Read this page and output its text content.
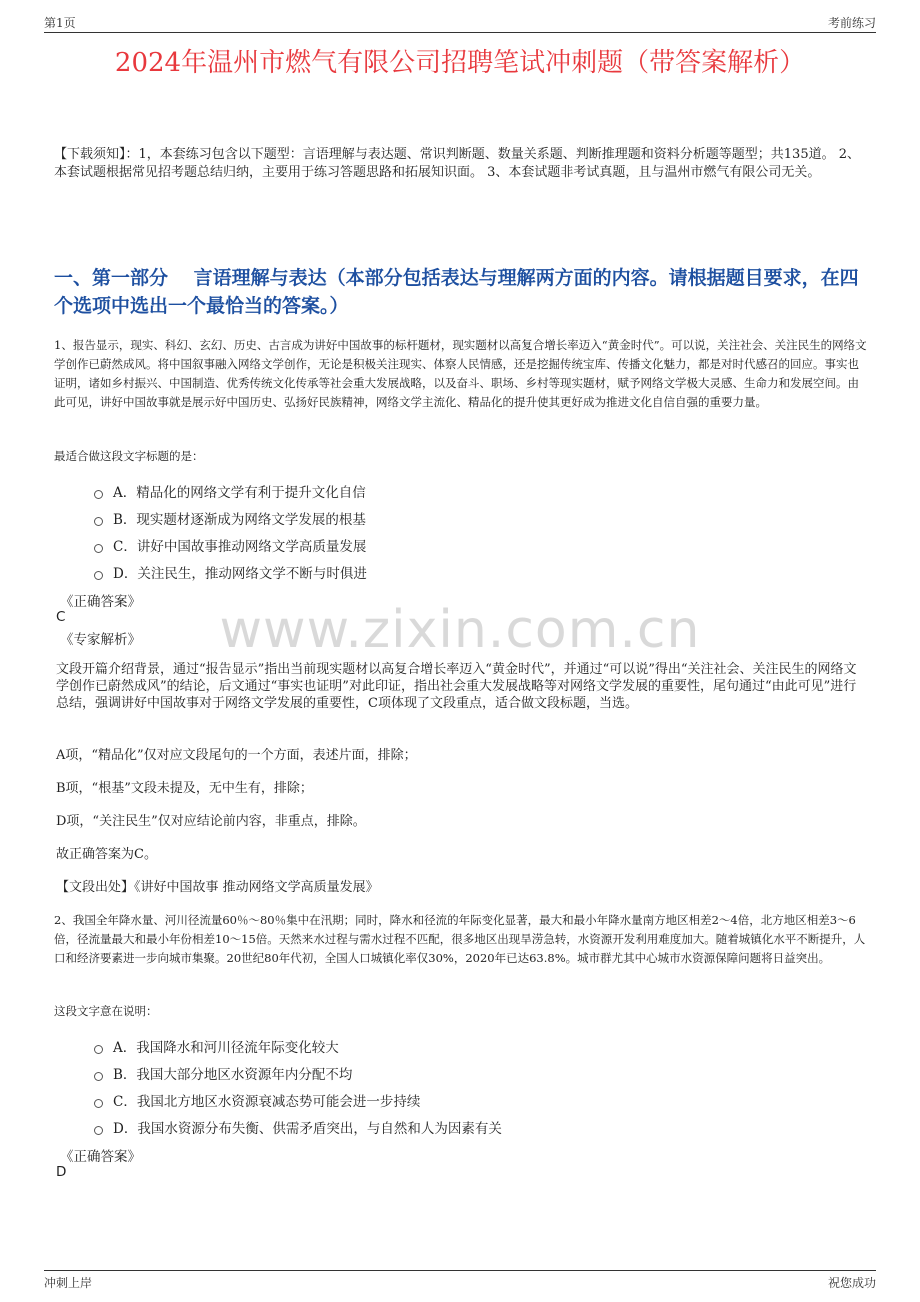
第1页	考前练习
2024年温州市燃气有限公司招聘笔试冲刺题（带答案解析）

【下载须知】：1，本套练习包含以下题型：言语理解与表达题、常识判断题、数量关系题、判断推理题和资料分析题等题型；共135道。 2、本套试题根据常见招考题总结归纳，主要用于练习答题思路和拓展知识面。 3、本套试题非考试真题，且与温州市燃气有限公司无关。

一、第一部分　 言语理解与表达（本部分包括表达与理解两方面的内容。请根据题目要求，在四个选项中选出一个最恰当的答案。）
www.zixin.com.cn

1、报告显示，现实、科幻、玄幻、历史、古言成为讲好中国故事的标杆题材，现实题材以高复合增长率迈入“黄金时代”。可以说，关注社会、关注民生的网络文学创作已蔚然成风。将中国叙事融入网络文学创作，无论是积极关注现实、体察人民情感，还是挖掘传统宝库、传播文化魅力，都是对时代感召的回应。事实也证明，诸如乡村振兴、中国制造、优秀传统文化传承等社会重大发展战略，以及奋斗、职场、乡村等现实题材，赋予网络文学极大灵感、生命力和发展空间。由此可见，讲好中国故事就是展示好中国历史、弘扬好民族精神，网络文学主流化、精品化的提升使其更好成为推进文化自信自强的重要力量。

最适合做这段文字标题的是：

A．精品化的网络文学有利于提升文化自信
B．现实题材逐渐成为网络文学发展的根基
C．讲好中国故事推动网络文学高质量发展
D．关注民生，推动网络文学不断与时俱进

《正确答案》

C

《专家解析》

文段开篇介绍背景，通过“报告显示”指出当前现实题材以高复合增长率迈入“黄金时代”，并通过“可以说”得出“关注社会、关注民生的网络文学创作已蔚然成风”的结论，后文通过“事实也证明”对此印证，指出社会重大发展战略等对网络文学发展的重要性，尾句通过“由此可见”进行总结，强调讲好中国故事对于网络文学发展的重要性，C项体现了文段重点，适合做文段标题，当选。

A项，“精品化”仅对应文段尾句的一个方面，表述片面，排除；

B项，“根基”文段未提及，无中生有，排除；

D项，“关注民生”仅对应结论前内容，非重点，排除。

故正确答案为C。

【文段出处】《讲好中国故事 推动网络文学高质量发展》

2、我国全年降水量、河川径流量60％～80％集中在汛期；同时，降水和径流的年际变化显著，最大和最小年降水量南方地区相差2～4倍，北方地区相差3～6倍，径流量最大和最小年份相差10～15倍。天然来水过程与需水过程不匹配，很多地区出现旱涝急转，水资源开发利用难度加大。随着城镇化水平不断提升，人口和经济要素进一步向城市集聚。20世纪80年代初，全国人口城镇化率仅30%，2020年已达63.8%。城市群尤其中心城市水资源保障问题将日益突出。

这段文字意在说明：

A．我国降水和河川径流年际变化较大
B．我国大部分地区水资源年内分配不均
C．我国北方地区水资源衰减态势可能会进一步持续
D．我国水资源分布失衡、供需矛盾突出，与自然和人为因素有关

《正确答案》

D

冲刺上岸	祝您成功
